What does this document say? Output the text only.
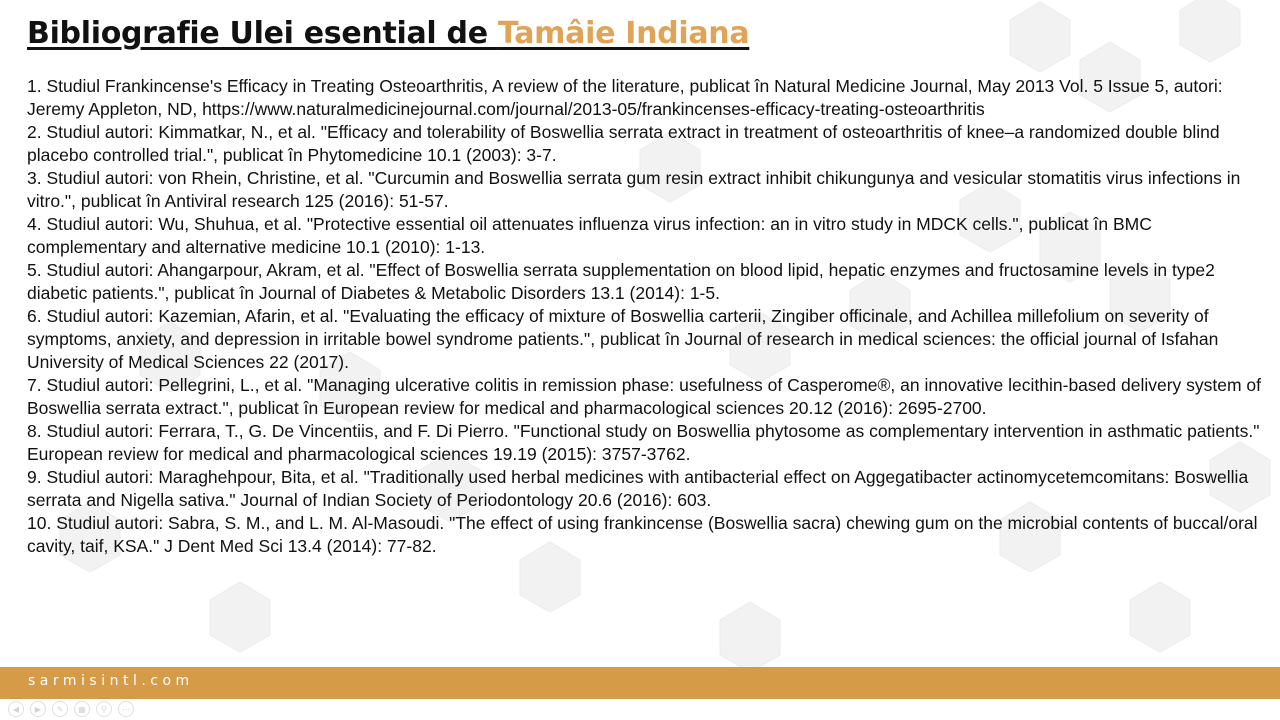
Bibliografie Ulei esential de Tamâie Indiana

1. Studiul Frankincense's Efficacy in Treating Osteoarthritis, A review of the literature, publicat în Natural Medicine Journal, May 2013 Vol. 5 Issue 5, autori: Jeremy Appleton, ND, https://www.naturalmedicinejournal.com/journal/2013-05/frankincenses-efficacy-treating-osteoarthritis

2. Studiul autori: Kimmatkar, N., et al. "Efficacy and tolerability of Boswellia serrata extract in treatment of osteoarthritis of knee–a randomized double blind placebo controlled trial.", publicat în Phytomedicine 10.1 (2003): 3-7.

3. Studiul autori: von Rhein, Christine, et al. "Curcumin and Boswellia serrata gum resin extract inhibit chikungunya and vesicular stomatitis virus infections in vitro.", publicat în Antiviral research 125 (2016): 51-57.

4. Studiul autori: Wu, Shuhua, et al. "Protective essential oil attenuates influenza virus infection: an in vitro study in MDCK cells.", publicat în BMC complementary and alternative medicine 10.1 (2010): 1-13.

5. Studiul autori: Ahangarpour, Akram, et al. "Effect of Boswellia serrata supplementation on blood lipid, hepatic enzymes and fructosamine levels in type2 diabetic patients.", publicat în Journal of Diabetes & Metabolic Disorders 13.1 (2014): 1-5.

6. Studiul autori: Kazemian, Afarin, et al. "Evaluating the efficacy of mixture of Boswellia carterii, Zingiber officinale, and Achillea millefolium on severity of symptoms, anxiety, and depression in irritable bowel syndrome patients.", publicat în Journal of research in medical sciences: the official journal of Isfahan University of Medical Sciences 22 (2017).

7. Studiul autori: Pellegrini, L., et al. "Managing ulcerative colitis in remission phase: usefulness of Casperome®, an innovative lecithin-based delivery system of Boswellia serrata extract.", publicat în European review for medical and pharmacological sciences 20.12 (2016): 2695-2700.

8. Studiul autori: Ferrara, T., G. De Vincentiis, and F. Di Pierro. "Functional study on Boswellia phytosome as complementary intervention in asthmatic patients." European review for medical and pharmacological sciences 19.19 (2015): 3757-3762.

9. Studiul autori: Maraghehpour, Bita, et al. "Traditionally used herbal medicines with antibacterial effect on Aggegatibacter actinomycetemcomitans: Boswellia serrata and Nigella sativa." Journal of Indian Society of Periodontology 20.6 (2016): 603.

10. Studiul autori: Sabra, S. M., and L. M. Al-Masoudi. "The effect of using frankincense (Boswellia sacra) chewing gum on the microbial contents of buccal/oral cavity, taif, KSA." J Dent Med Sci 13.4 (2014): 77-82.

sarmisintl.com
◀	▶	✎	▦	⚲	⋯
